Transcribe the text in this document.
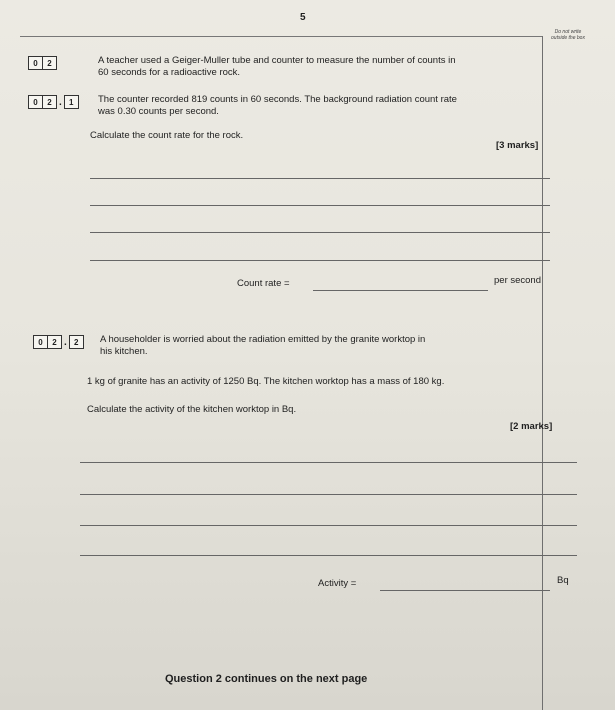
5
Do not write outside the box
0	2	A teacher used a Geiger-Muller tube and counter to measure the number of counts in
60 seconds for a radioactive rock.
0	2 . 1	The counter recorded 819 counts in 60 seconds. The background radiation count rate
was 0.30 counts per second.
Calculate the count rate for the rock.
[3 marks]
Count rate =	per second
0	2 . 2	A householder is worried about the radiation emitted by the granite worktop in
his kitchen.
1 kg of granite has an activity of 1250 Bq. The kitchen worktop has a mass of 180 kg.
Calculate the activity of the kitchen worktop in Bq.
[2 marks]
Activity =	Bq
Question 2 continues on the next page
